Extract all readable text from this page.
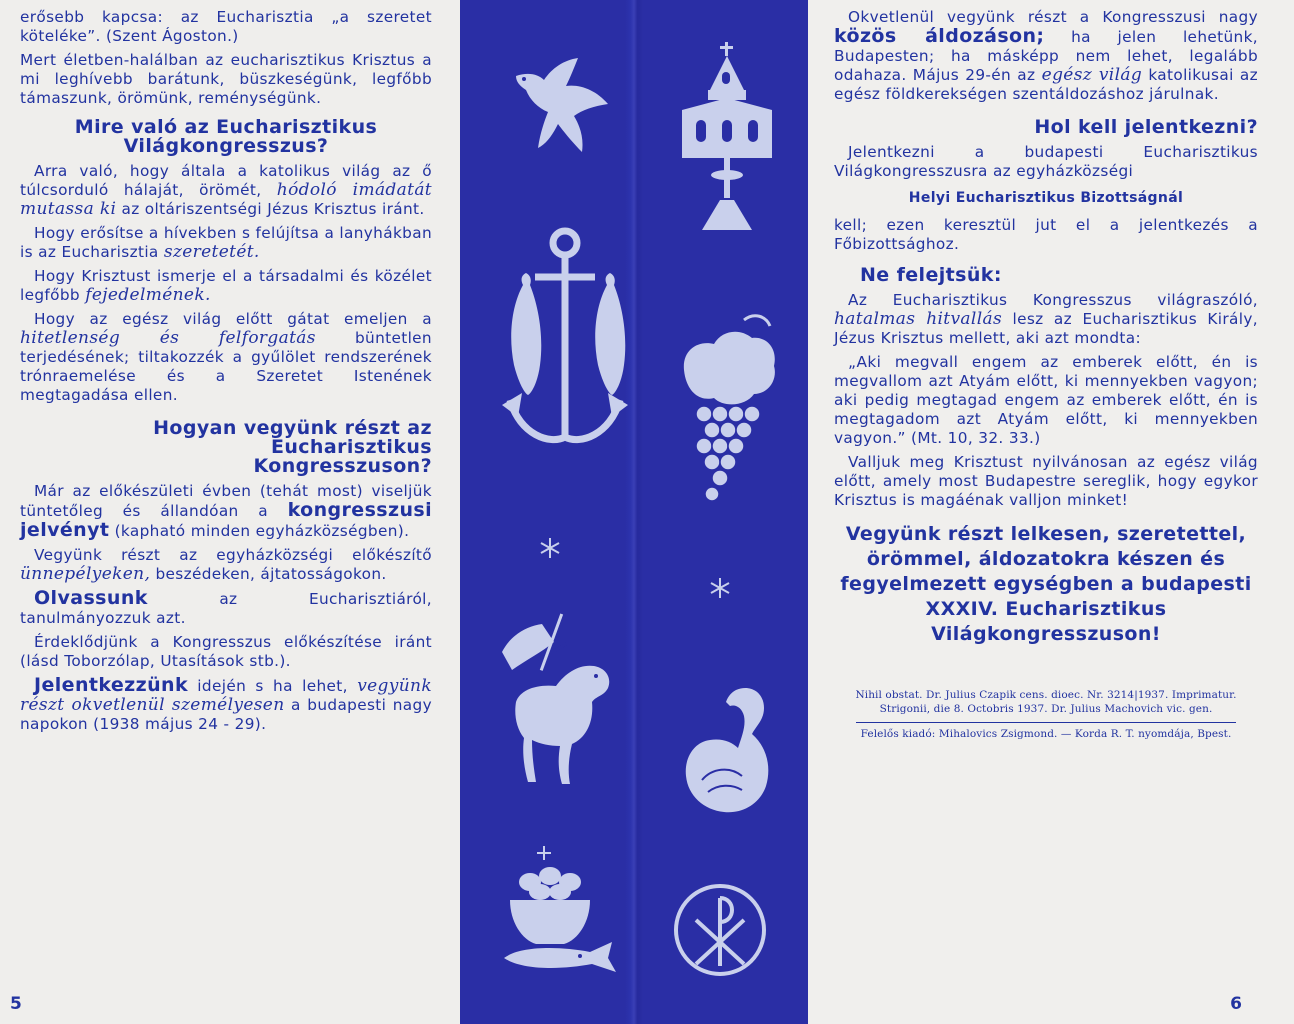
erősebb kapcsa: az Eucharisztia „a szeretet köteléke”. (Szent Ágoston.)

Mert életben-halálban az eucharisztikus Krisztus a mi leghívebb barátunk, büszkeségünk, legfőbb támaszunk, örömünk, reménységünk.

Mire való az Eucharisztikus Világkongresszus?

Arra való, hogy általa a katolikus világ az ő túlcsorduló hálaját, örömét, hódoló imádatát mutassa ki az oltáriszentségi Jézus Krisztus iránt.

Hogy erősítse a hívekben s felújítsa a lanyhákban is az Eucharisztia szeretetét.

Hogy Krisztust ismerje el a társadalmi és közélet legfőbb fejedelmének.

Hogy az egész világ előtt gátat emeljen a hitetlenség és felforgatás	büntetlen terjedésének; tiltakozzék a gyűlölet rendszerének trónraemelése és a Szeretet Istenének megtagadása ellen.

Hogyan vegyünk részt az Eucharisztikus Kongresszuson?

Már az előkészületi évben (tehát most) viseljük tüntetőleg és állandóan a kongresszusi jelvényt (kapható minden egyházközségben).

Vegyünk részt az egyházközségi előkészítő ünnepélyeken, beszédeken, ájtatosságokon.

Olvassunk	az Eucharisztiáról, tanulmányozzuk azt.

Érdeklődjünk a Kongresszus előkészítése iránt (lásd Toborzólap, Utasítások stb.).

Jelentkezzünk idején s ha lehet, vegyünk részt okvetlenül személyesen a budapesti nagy napokon (1938 május 24 - 29).

5

Okvetlenül vegyünk részt a Kongresszusi nagy közös áldozáson; ha jelen lehetünk, Budapesten; ha másképp nem lehet, legalább odahaza. Május 29-én az egész világ katolikusai az egész földkerekségen szentáldozáshoz járulnak.

Hol kell jelentkezni?

Jelentkezni a budapesti Eucharisztikus Világkongresszusra az egyházközségi

Helyi Eucharisztikus Bizottságnál

kell; ezen keresztül jut el a jelentkezés a Főbizottsághoz.

Ne felejtsük:

Az Eucharisztikus Kongresszus világraszóló, hatalmas hitvallás lesz az Eucharisztikus Király, Jézus Krisztus mellett, aki azt mondta:

„Aki megvall engem az emberek előtt, én is megvallom azt Atyám előtt, ki mennyekben vagyon; aki pedig megtagad engem az emberek előtt, én is megtagadom azt Atyám előtt, ki mennyekben vagyon.” (Mt. 10, 32. 33.)

Valljuk meg Krisztust nyilvánosan az egész világ előtt, amely most Budapestre sereglik, hogy egykor Krisztus is magáénak valljon minket!

Vegyünk részt lelkesen, szeretettel, örömmel, áldozatokra készen és fegyelmezett egységben a budapesti XXXIV. Eucharisztikus Világkongresszuson!

Nihil obstat. Dr. Julius Czapik cens. dioec. Nr. 3214|1937. Imprimatur. Strigonii, die 8. Octobris 1937. Dr. Julius Machovich vic. gen.

Felelős kiadó: Mihalovics Zsigmond. — Korda R. T. nyomdája, Bpest.

6
